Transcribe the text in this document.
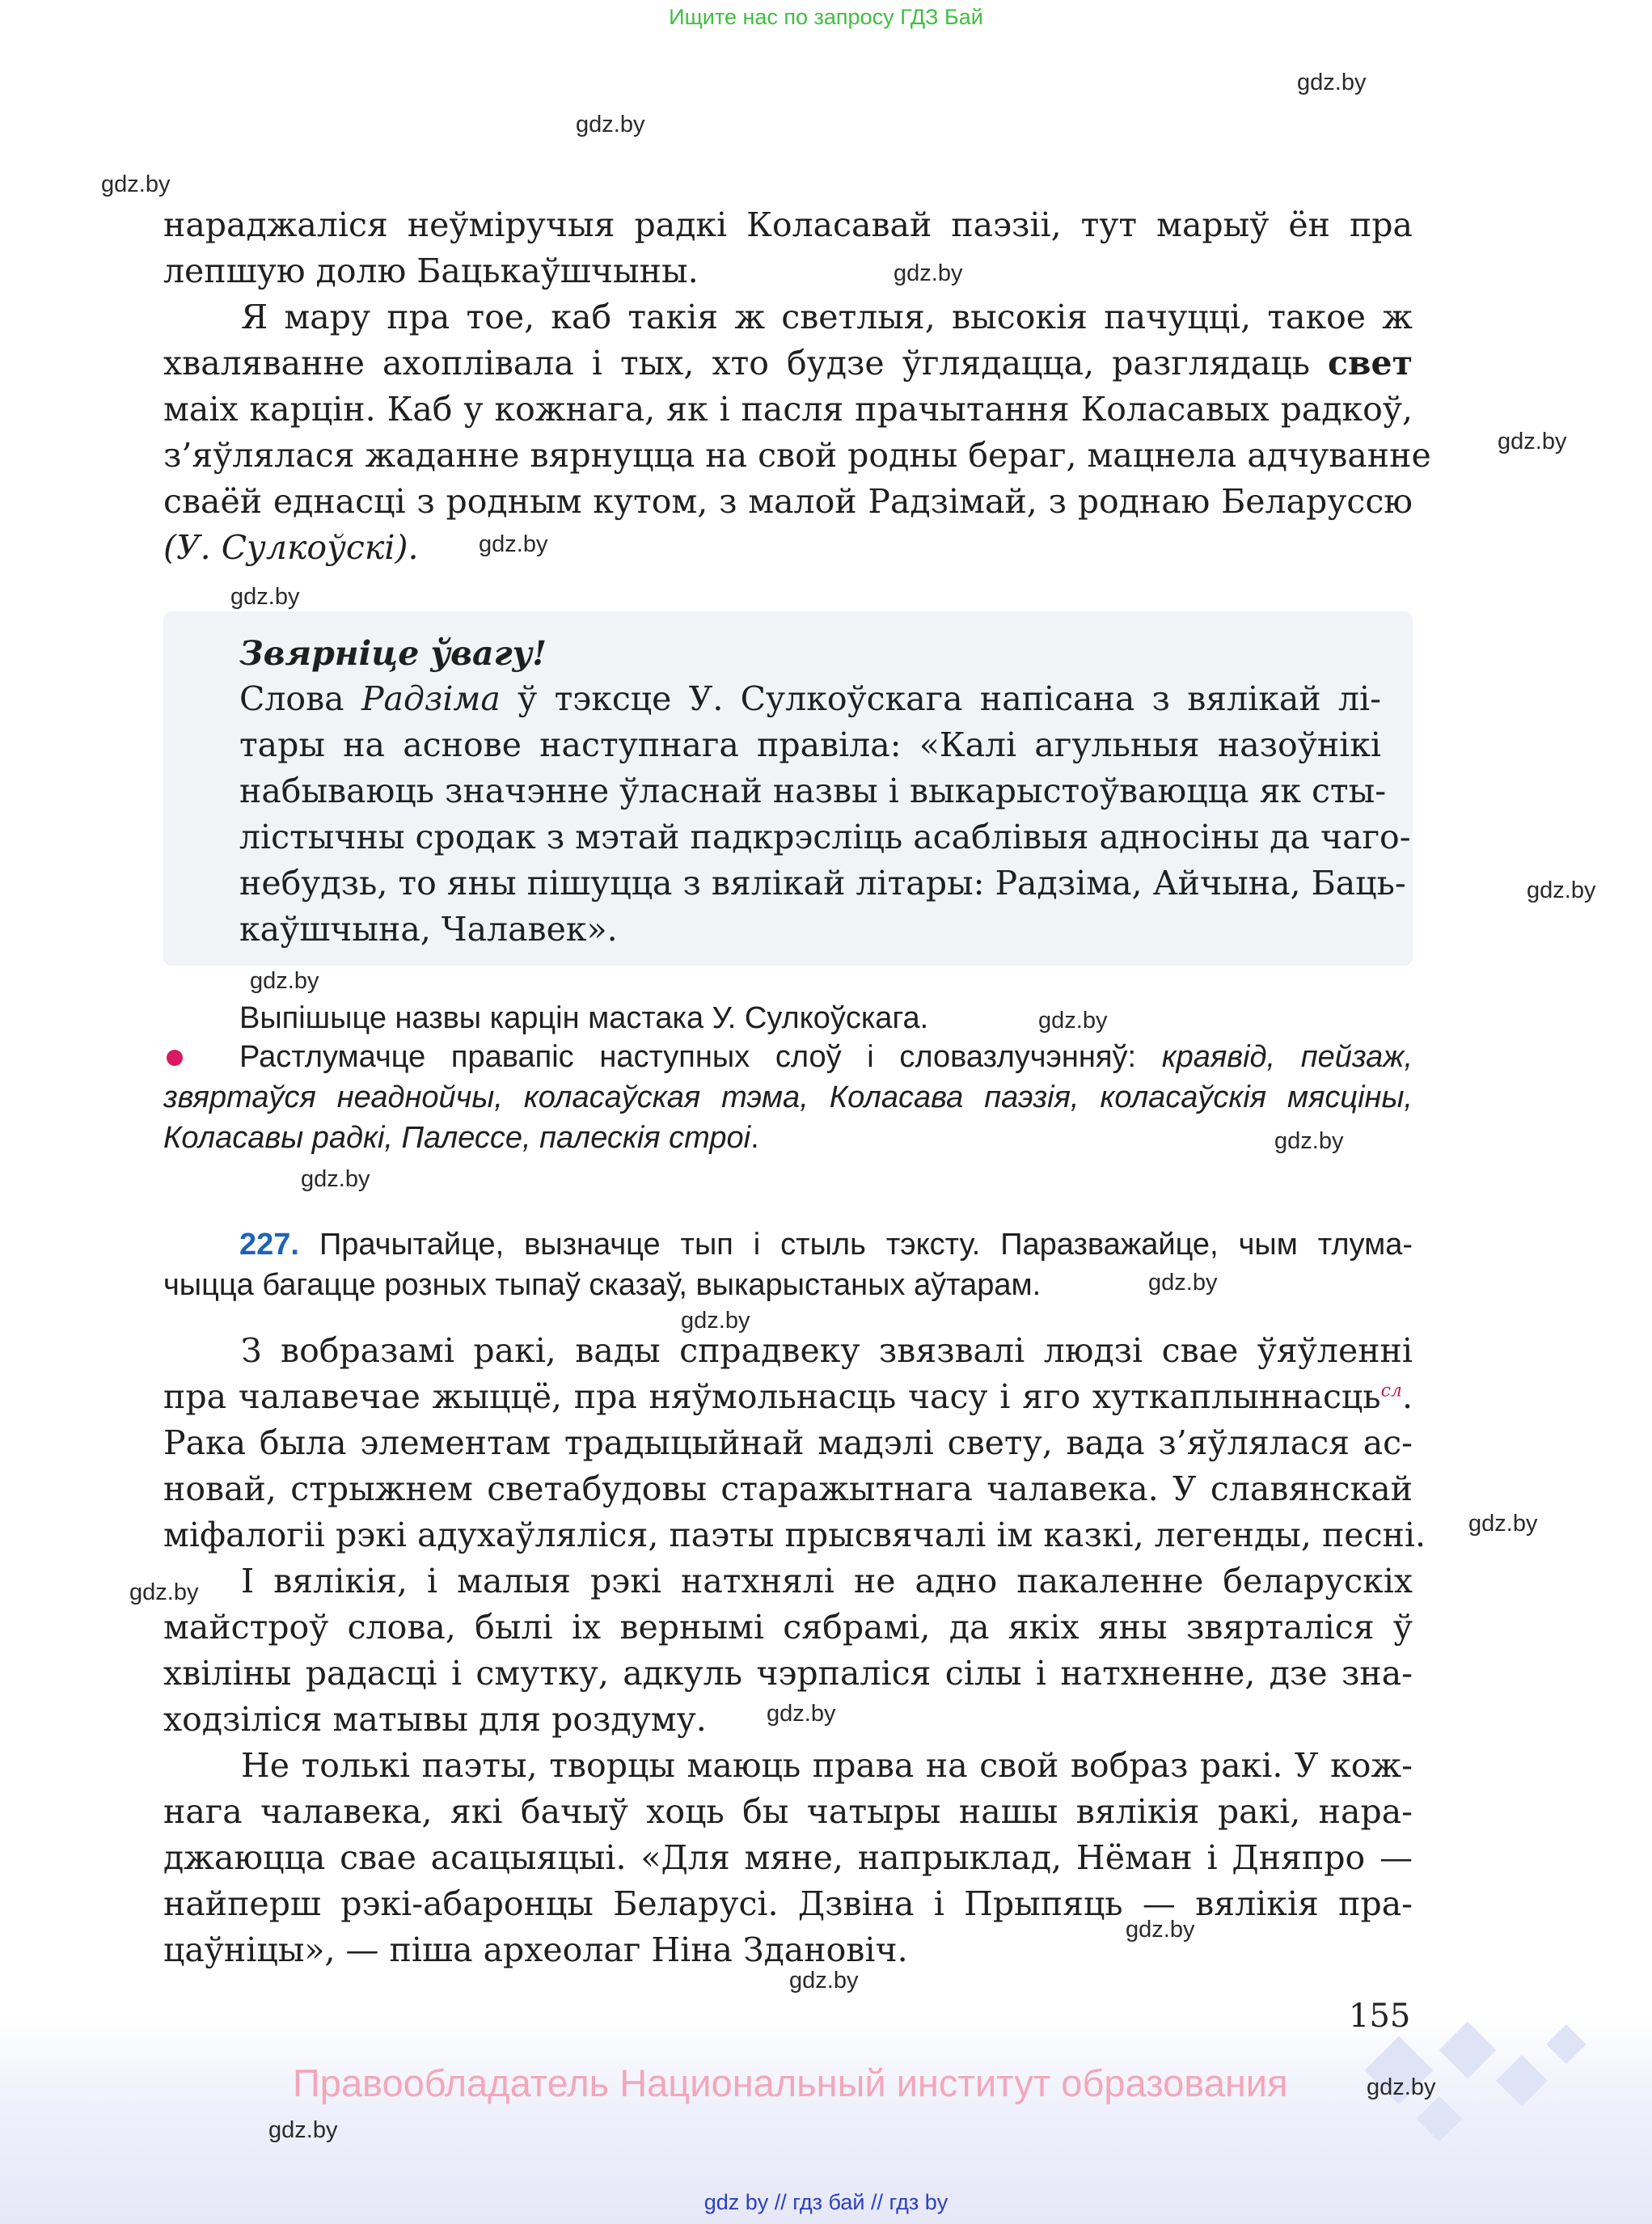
Ищите нас по запросу ГДЗ Бай
gdz.by
gdz.by
gdz.by
gdz.by
gdz.by
gdz.by
gdz.by
gdz.by
gdz.by
gdz.by
gdz.by
gdz.by
gdz.by
gdz.by
gdz.by
gdz.by
gdz.by
gdz.by
gdz.by
gdz.by
gdz.by
нараджаліся неўміручыя радкі Коласавай паэзіі, тут марыў ён пра
лепшую долю Бацькаўшчыны.
Я мару пра тое, каб такія ж светлыя, высокія пачуцці, такое ж
хваляванне ахоплівала і тых, хто будзе ўглядацца, разглядаць свет
маіх карцін. Каб у кожнага, як і пасля прачытання Коласавых радкоў,
з’яўлялася жаданне вярнуцца на свой родны бераг, мацнела адчуванне
сваёй еднасці з родным кутом, з малой Радзімай, з роднаю Беларуссю
(У. Сулкоўскі).
Звярніце ўвагу!
Слова Радзіма ў тэксце У. Сулкоўскага напісана з вялікай лі-
тары на аснове наступнага правіла: «Калі агульныя назоўнікі
набываюць значэнне ўласнай назвы і выкарыстоўваюцца як сты-
лістычны сродак з мэтай падкрэсліць асаблівыя адносіны да чаго-
небудзь, то яны пішуцца з вялікай літары: Радзіма, Айчына, Баць-
каўшчына, Чалавек».
Выпішыце назвы карцін мастака У. Сулкоўскага.
Растлумачце правапіс наступных слоў і словазлучэнняў: краявід, пейзаж,
звяртаўся неаднойчы, коласаўская тэма, Коласава паэзія, коласаўскія мясціны,
Коласавы радкі, Палессе, палескія строі.
227. Прачытайце, вызначце тып і стыль тэксту. Паразважайце, чым тлума-
чыцца багацце розных тыпаў сказаў, выкарыстаных аўтарам.
З вобразамі ракі, вады спрадвеку звязвалі людзі свае ўяўленні
пра чалавечае жыццё, пра няўмольнасць часу і яго хуткаплыннасць$^{сл}$.
Рака была элементам традыцыйнай мадэлі свету, вада з’яўлялася ас-
новай, стрыжнем светабудовы старажытнага чалавека. У славянскай
міфалогіі рэкі адухаўляліся, паэты прысвячалі ім казкі, легенды, песні.
І вялікія, і малыя рэкі натхнялі не адно пакаленне беларускіх
майстроў слова, былі іх вернымі сябрамі, да якіх яны звярталіся ў
хвіліны радасці і смутку, адкуль чэрпаліся сілы і натхненне, дзе зна-
ходзіліся матывы для роздуму.
Не толькі паэты, творцы маюць права на свой вобраз ракі. У кож-
нага чалавека, які бачыў хоць бы чатыры нашы вялікія ракі, нара-
джаюцца свае асацыяцыі. «Для мяне, напрыклад, Нёман і Дняпро —
найперш рэкі-абаронцы Беларусі. Дзвіна і Прыпяць — вялікія пра-
цаўніцы», — піша археолаг Ніна Здановіч.
155
Правообладатель Национальный институт образования
gdz by // гдз бай // гдз by
